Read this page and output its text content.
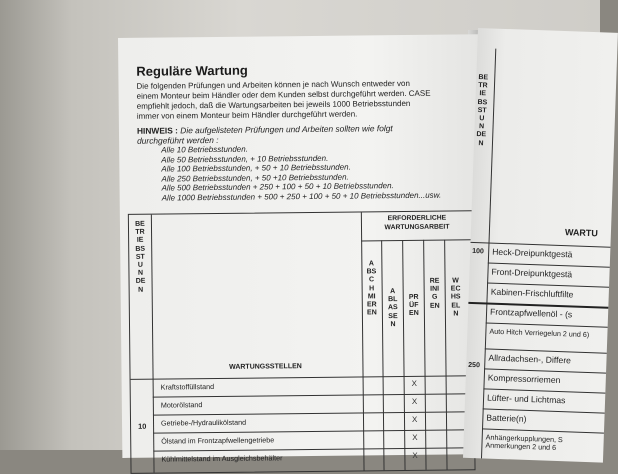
Reguläre Wartung
Die folgenden Prüfungen und Arbeiten können je nach Wunsch entweder von
einem Monteur beim Händler oder dem Kunden selbst durchgeführt werden. CASE
empfiehlt jedoch, daß die Wartungsarbeiten bei jeweils 1000 Betriebsstunden
immer von einem Monteur beim Händler durchgeführt werden.
HINWEIS : Die aufgelisteten Prüfungen und Arbeiten sollten wie folgt
durchgeführt werden :
Alle 10 Betriebsstunden.
Alle 50 Betriebsstunden, + 10 Betriebsstunden.
Alle 100 Betriebsstunden, + 50 + 10 Betriebsstunden.
Alle 250 Betriebsstunden, + 50 +10 Betriebsstunden.
Alle 500 Betriebsstunden + 250 + 100 + 50 + 10 Betriebsstunden.
Alle 1000 Betriebsstunden + 500 + 250 + 100 + 50 + 10 Betriebsstunden...usw.
BETRIEBSSTUNDEN
ERFORDERLICHE
WARTUNGSARBEIT
ABSCHMIEREN
ABLASSEN
PRÜFEN
REINIGEN
WECHSELN
WARTUNGSSTELLEN
10
Kraftstoffüllstand
Motorölstand
Getriebe-/Hydraulikölstand
Ölstand im Frontzapfwellengetriebe
Kühlmittelstand im Ausgleichsbehälter
X
X
X
X
X
BETRIEBSSTUNDEN
WARTU
100 Heck-Dreipunktgestä
Front-Dreipunktgestä
Kabinen-Frischluftfilte
Frontzapfwellenöl - (s
Auto Hitch Verriegelun 2 und 6)
250
Allradachsen-, Differe
Kompressorriemen
Lüfter- und Lichtmas
Batterie(n)
Anhängerkupplungen, S Anmerkungen 2 und 6
